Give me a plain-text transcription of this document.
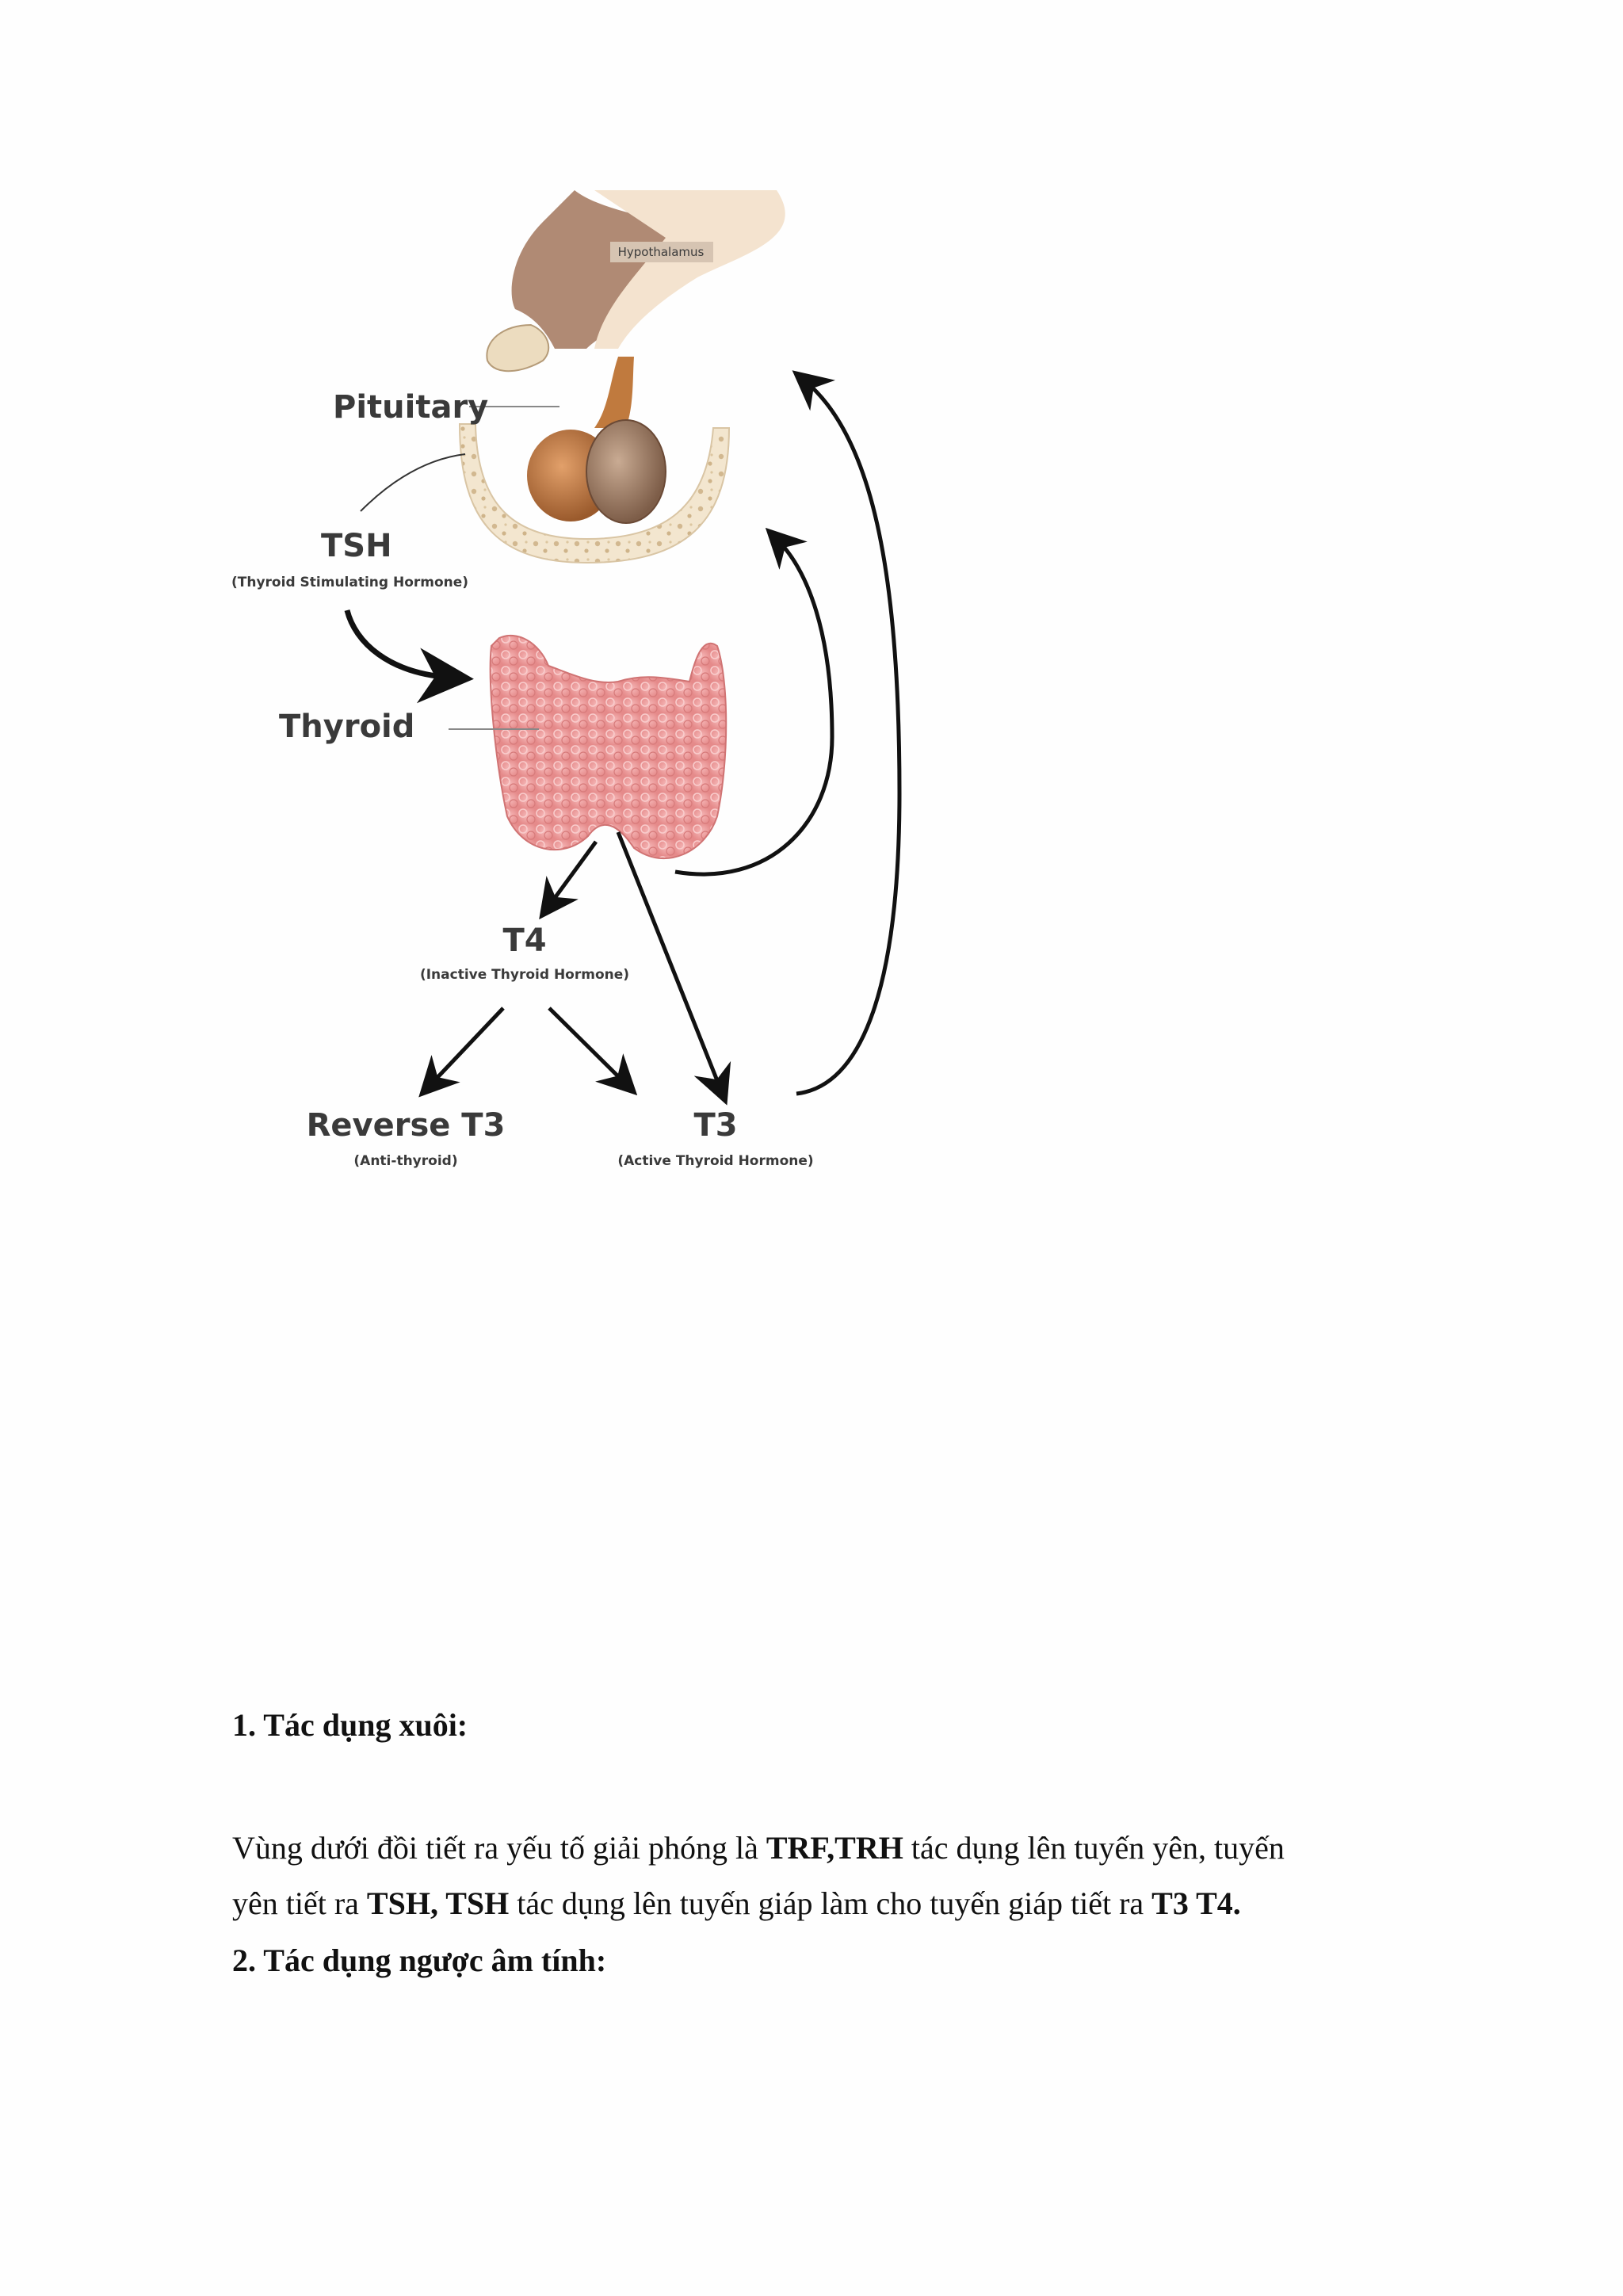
Hypothalamus
Pituitary
TSH
(Thyroid Stimulating Hormone)
Thyroid
T4
(Inactive Thyroid Hormone)
Reverse T3
(Anti-thyroid)
T3
(Active Thyroid Hormone)
1. Tác dụng xuôi:

Vùng dưới đồi tiết ra yếu tố giải phóng là TRF,TRH tác dụng lên tuyến yên, tuyến
yên tiết ra TSH, TSH tác dụng lên tuyến giáp làm cho tuyến giáp tiết ra T3 T4.

2. Tác dụng ngược âm tính:
